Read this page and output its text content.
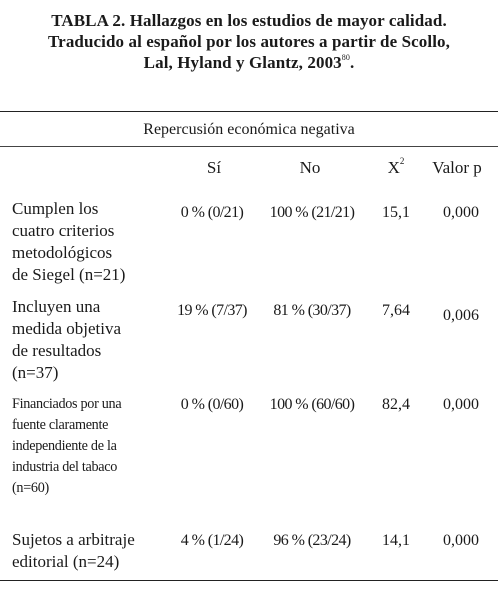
TABLA 2. Hallazgos en los estudios de mayor calidad.
Traducido al español por los autores a partir de Scollo,
Lal, Hyland y Glantz, 2003$^{80}$.
Repercusión económica negativa
Sí	No	$X^2$	Valor p
Cumplen los
cuatro criterios
metodológicos
de Siegel (n=21)
0 % (0/21)	100 % (21/21)	15,1	0,000
Incluyen una
medida objetiva
de resultados
(n=37)
19 % (7/37)	81 % (30/37)	7,64	0,006
Financiados por una
fuente claramente
independiente de la
industria del tabaco
(n=60)
0 % (0/60)	100 % (60/60)	82,4	0,000
Sujetos a arbitraje
editorial (n=24)
4 % (1/24)	96 % (23/24)	14,1	0,000
